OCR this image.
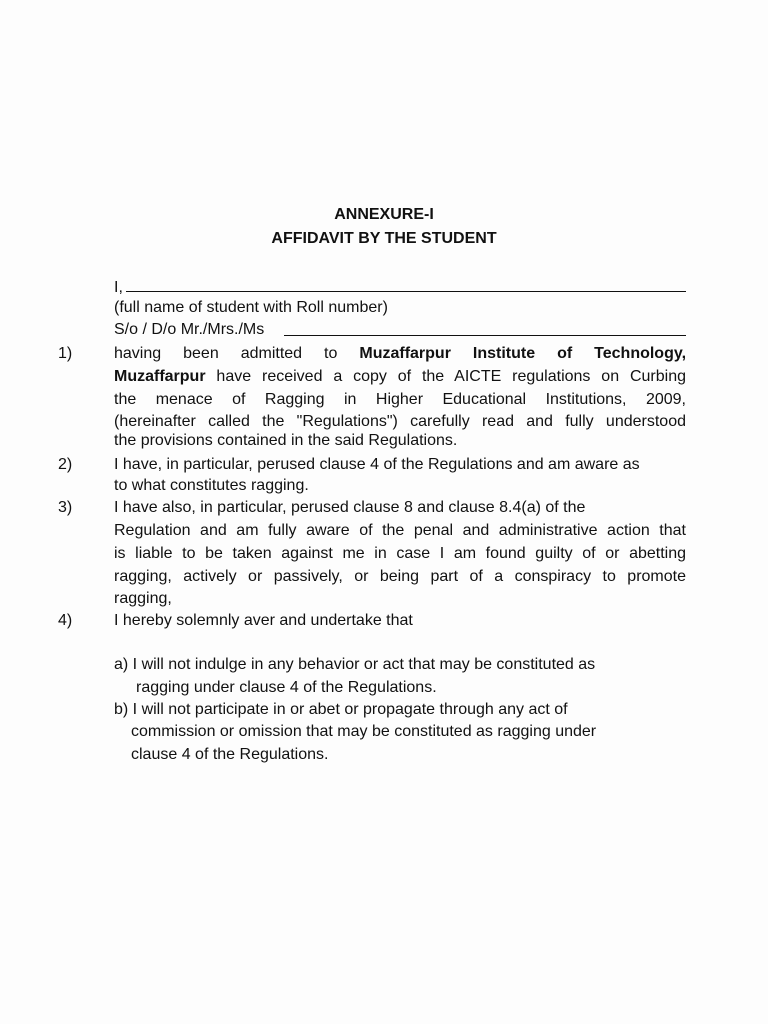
ANNEXURE-I
AFFIDAVIT BY THE STUDENT
I,
(full name of student with Roll number)
S/o / D/o Mr./Mrs./Ms
1)	having been admitted to Muzaffarpur Institute of Technology,
Muzaffarpur have received a copy of the AICTE regulations on Curbing
the menace of Ragging in Higher Educational Institutions, 2009,
(hereinafter called the "Regulations") carefully read and fully understood
the provisions contained in the said Regulations.
2)	I have, in particular, perused clause 4 of the Regulations and am aware as
to what constitutes ragging.
3)	I have also, in particular, perused clause 8 and clause 8.4(a) of the
Regulation and am fully aware of the penal and administrative action that
is liable to be taken against me in case I am found guilty of or abetting
ragging, actively or passively, or being part of a conspiracy to promote
ragging,
4)	I hereby solemnly aver and undertake that
a) I will not indulge in any behavior or act that may be constituted as
ragging under clause 4 of the Regulations.
b) I will not participate in or abet or propagate through any act of
commission or omission that may be constituted as ragging under
clause 4 of the Regulations.
